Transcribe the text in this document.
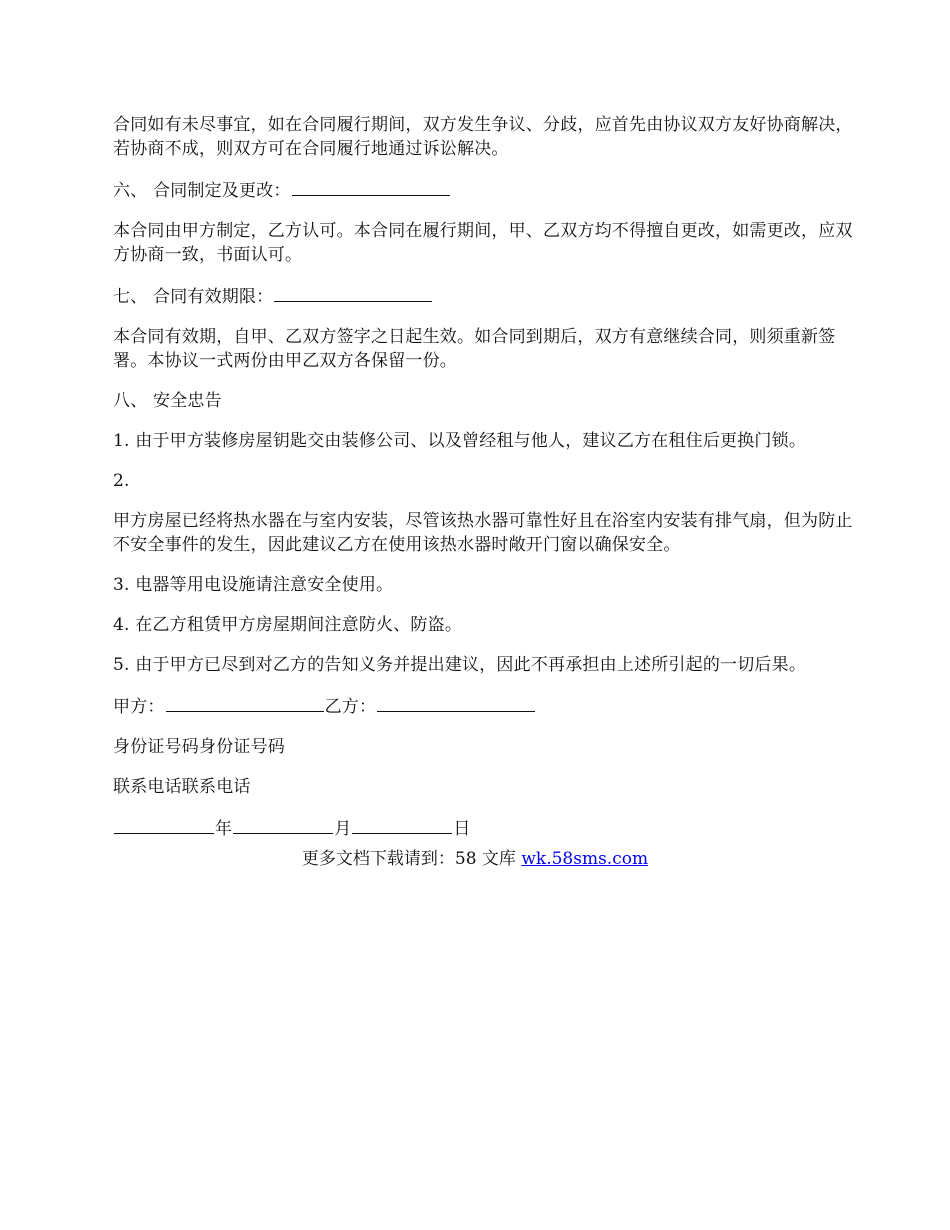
合同如有未尽事宜，如在合同履行期间，双方发生争议、分歧，应首先由协议双方友好协商解决，若协商不成，则双方可在合同履行地通过诉讼解决。

六、 合同制定及更改：

本合同由甲方制定，乙方认可。本合同在履行期间，甲、乙双方均不得擅自更改，如需更改，应双方协商一致，书面认可。

七、 合同有效期限：

本合同有效期，自甲、乙双方签字之日起生效。如合同到期后，双方有意继续合同，则须重新签署。本协议一式两份由甲乙双方各保留一份。

八、 安全忠告

1. 由于甲方装修房屋钥匙交由装修公司、以及曾经租与他人，建议乙方在租住后更换门锁。

2.

甲方房屋已经将热水器在与室内安装，尽管该热水器可靠性好且在浴室内安装有排气扇，但为防止不安全事件的发生，因此建议乙方在使用该热水器时敞开门窗以确保安全。

3. 电器等用电设施请注意安全使用。

4. 在乙方租赁甲方房屋期间注意防火、防盗。

5. 由于甲方已尽到对乙方的告知义务并提出建议，因此不再承担由上述所引起的一切后果。

甲方：	乙方：

身份证号码身份证号码

联系电话联系电话

年	月	日

更多文档下载请到：58 文库 wk.58sms.com
